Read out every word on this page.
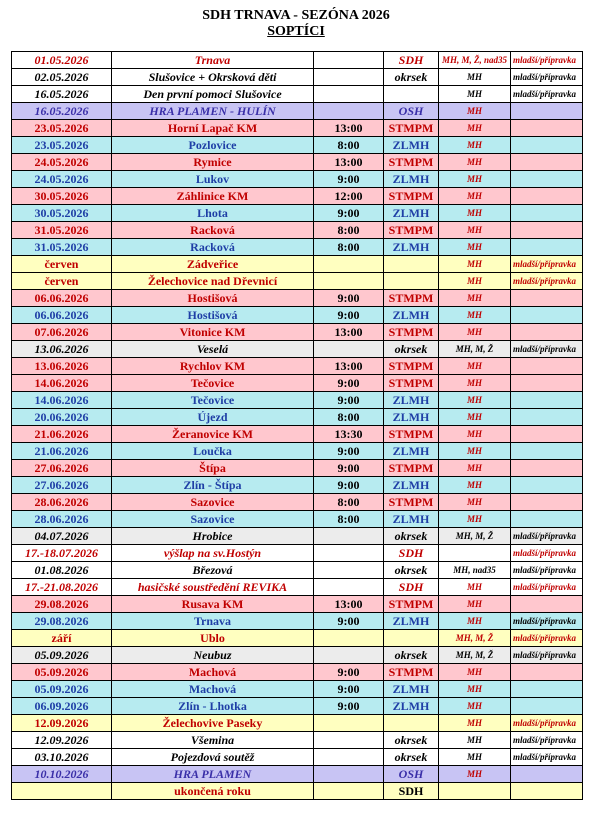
SDH TRNAVA - SEZÓNA 2026
SOPTÍCI
01.05.2026	Trnava		SDH	MH, M, Ž, nad35	mladší/přípravka
02.05.2026	Slušovice + Okrsková děti		okrsek	MH	mladší/přípravka
16.05.2026	Den první pomoci Slušovice			MH	mladší/přípravka
16.05.2026	HRA PLAMEN - HULÍN		OSH	MH	
23.05.2026	Horní Lapač KM	13:00	STMPM	MH	
23.05.2026	Pozlovice	8:00	ZLMH	MH	
24.05.2026	Rymice	13:00	STMPM	MH	
24.05.2026	Lukov	9:00	ZLMH	MH	
30.05.2026	Záhlinice KM	12:00	STMPM	MH	
30.05.2026	Lhota	9:00	ZLMH	MH	
31.05.2026	Racková	8:00	STMPM	MH	
31.05.2026	Racková	8:00	ZLMH	MH	
červen	Zádveřice			MH	mladší/přípravka
červen	Želechovice nad Dřevnicí			MH	mladší/přípravka
06.06.2026	Hostišová	9:00	STMPM	MH	
06.06.2026	Hostišová	9:00	ZLMH	MH	
07.06.2026	Vitonice KM	13:00	STMPM	MH	
13.06.2026	Veselá		okrsek	MH, M, Ž	mladší/přípravka
13.06.2026	Rychlov KM	13:00	STMPM	MH	
14.06.2026	Tečovice	9:00	STMPM	MH	
14.06.2026	Tečovice	9:00	ZLMH	MH	
20.06.2026	Újezd	8:00	ZLMH	MH	
21.06.2026	Žeranovice KM	13:30	STMPM	MH	
21.06.2026	Loučka	9:00	ZLMH	MH	
27.06.2026	Štípa	9:00	STMPM	MH	
27.06.2026	Zlín - Štípa	9:00	ZLMH	MH	
28.06.2026	Sazovice	8:00	STMPM	MH	
28.06.2026	Sazovice	8:00	ZLMH	MH	
04.07.2026	Hrobice		okrsek	MH, M, Ž	mladší/přípravka
17.-18.07.2026	výšlap na sv.Hostýn		SDH		mladší/přípravka
01.08.2026	Březová		okrsek	MH, nad35	mladší/přípravka
17.-21.08.2026	hasičské soustředění REVIKA		SDH	MH	mladší/přípravka
29.08.2026	Rusava KM	13:00	STMPM	MH	
29.08.2026	Trnava	9:00	ZLMH	MH	mladší/přípravka
září	Ublo			MH, M, Ž	mladší/přípravka
05.09.2026	Neubuz		okrsek	MH, M, Ž	mladší/přípravka
05.09.2026	Machová	9:00	STMPM	MH	
05.09.2026	Machová	9:00	ZLMH	MH	
06.09.2026	Zlín - Lhotka	9:00	ZLMH	MH	
12.09.2026	Želechovive Paseky			MH	mladší/přípravka
12.09.2026	Všemina		okrsek	MH	mladší/přípravka
03.10.2026	Pojezdová soutěž		okrsek	MH	mladší/přípravka
10.10.2026	HRA PLAMEN		OSH	MH	
	ukončená roku		SDH		
